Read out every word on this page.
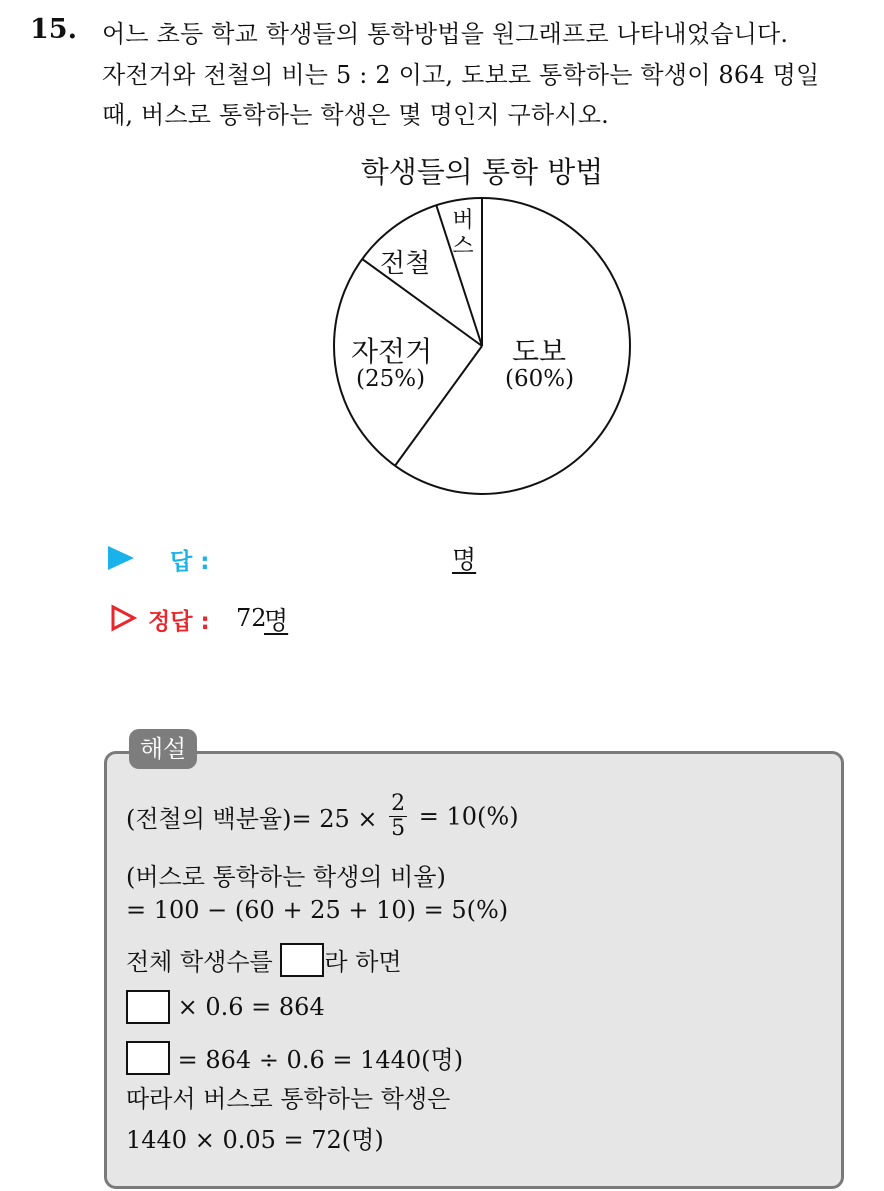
15. 어느 초등 학교 학생들의 통학방법을 원그래프로 나타내었습니다.
자전거와 전철의 비는 5 : 2 이고, 도보로 통학하는 학생이 864 명일
때, 버스로 통학하는 학생은 몇 명인지 구하시오.
학생들의 통학 방법
도보
(60%)
자전거
(25%)
전철
버
스
답 :	명
정답 : 72
명
해설
(전철의 백분율)= $25 \times \frac{2}{5} = 10(\%)$
(버스로 통학하는 학생의 비율)
= 100 − (60 + 25 + 10) = 5(%)
전체 학생수를 라 하면
× 0.6 = 864
= 864 ÷ 0.6 = 1440(명)
따라서 버스로 통학하는 학생은
1440 × 0.05 = 72(명)
